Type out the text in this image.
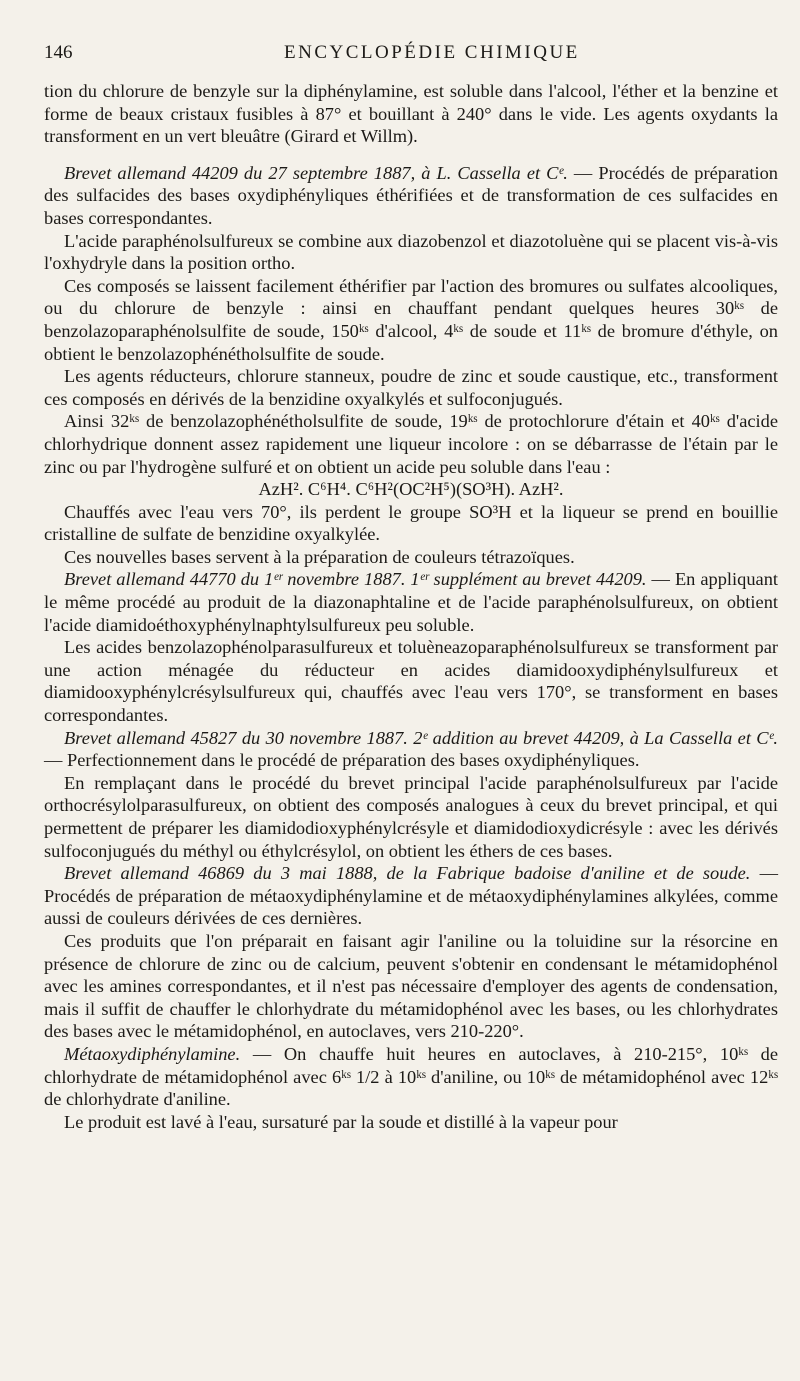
146	ENCYCLOPÉDIE CHIMIQUE

tion du chlorure de benzyle sur la diphénylamine, est soluble dans l'alcool, l'éther et la benzine et forme de beaux cristaux fusibles à 87° et bouillant à 240° dans le vide. Les agents oxydants la transforment en un vert bleuâtre (Girard et Willm).

Brevet allemand 44209 du 27 septembre 1887, à L. Cassella et Cᵉ. — Procédés de préparation des sulfacides des bases oxydiphényliques éthérifiées et de transformation de ces sulfacides en bases correspondantes.

L'acide paraphénolsulfureux se combine aux diazobenzol et diazotoluène qui se placent vis-à-vis l'oxhydryle dans la position ortho.

Ces composés se laissent facilement éthérifier par l'action des bromures ou sulfates alcooliques, ou du chlorure de benzyle : ainsi en chauffant pendant quelques heures 30ᵏˢ de benzolazoparaphénolsulfite de soude, 150ᵏˢ d'alcool, 4ᵏˢ de soude et 11ᵏˢ de bromure d'éthyle, on obtient le benzolazophénétholsulfite de soude.

Les agents réducteurs, chlorure stanneux, poudre de zinc et soude caustique, etc., transforment ces composés en dérivés de la benzidine oxyalkylés et sulfoconjugués.

Ainsi 32ᵏˢ de benzolazophénétholsulfite de soude, 19ᵏˢ de protochlorure d'étain et 40ᵏˢ d'acide chlorhydrique donnent assez rapidement une liqueur incolore : on se débarrasse de l'étain par le zinc ou par l'hydrogène sulfuré et on obtient un acide peu soluble dans l'eau :

AzH². C⁶H⁴. C⁶H²(OC²H⁵)(SO³H). AzH².

Chauffés avec l'eau vers 70°, ils perdent le groupe SO³H et la liqueur se prend en bouillie cristalline de sulfate de benzidine oxyalkylée.

Ces nouvelles bases servent à la préparation de couleurs tétrazoïques.

Brevet allemand 44770 du 1ᵉʳ novembre 1887. 1ᵉʳ supplément au brevet 44209. — En appliquant le même procédé au produit de la diazonaphtaline et de l'acide paraphénolsulfureux, on obtient l'acide diamidoéthoxyphénylnaphtylsulfureux peu soluble.

Les acides benzolazophénolparasulfureux et toluèneazoparaphénolsulfureux se transforment par une action ménagée du réducteur en acides diamidooxydiphénylsulfureux et diamidooxyphénylcrésylsulfureux qui, chauffés avec l'eau vers 170°, se transforment en bases correspondantes.

Brevet allemand 45827 du 30 novembre 1887. 2ᵉ addition au brevet 44209, à La Cassella et Cᵉ. — Perfectionnement dans le procédé de préparation des bases oxydiphényliques.

En remplaçant dans le procédé du brevet principal l'acide paraphénolsulfureux par l'acide orthocrésylolparasulfureux, on obtient des composés analogues à ceux du brevet principal, et qui permettent de préparer les diamidodioxyphénylcrésyle et diamidodioxydicrésyle : avec les dérivés sulfoconjugués du méthyl ou éthylcrésylol, on obtient les éthers de ces bases.

Brevet allemand 46869 du 3 mai 1888, de la Fabrique badoise d'aniline et de soude. — Procédés de préparation de métaoxydiphénylamine et de métaoxydiphénylamines alkylées, comme aussi de couleurs dérivées de ces dernières.

Ces produits que l'on préparait en faisant agir l'aniline ou la toluidine sur la résorcine en présence de chlorure de zinc ou de calcium, peuvent s'obtenir en condensant le métamidophénol avec les amines correspondantes, et il n'est pas nécessaire d'employer des agents de condensation, mais il suffit de chauffer le chlorhydrate du métamidophénol avec les bases, ou les chlorhydrates des bases avec le métamidophénol, en autoclaves, vers 210-220°.

Métaoxydiphénylamine. — On chauffe huit heures en autoclaves, à 210-215°, 10ᵏˢ de chlorhydrate de métamidophénol avec 6ᵏˢ 1/2 à 10ᵏˢ d'aniline, ou 10ᵏˢ de métamidophénol avec 12ᵏˢ de chlorhydrate d'aniline.

Le produit est lavé à l'eau, sursaturé par la soude et distillé à la vapeur pour
